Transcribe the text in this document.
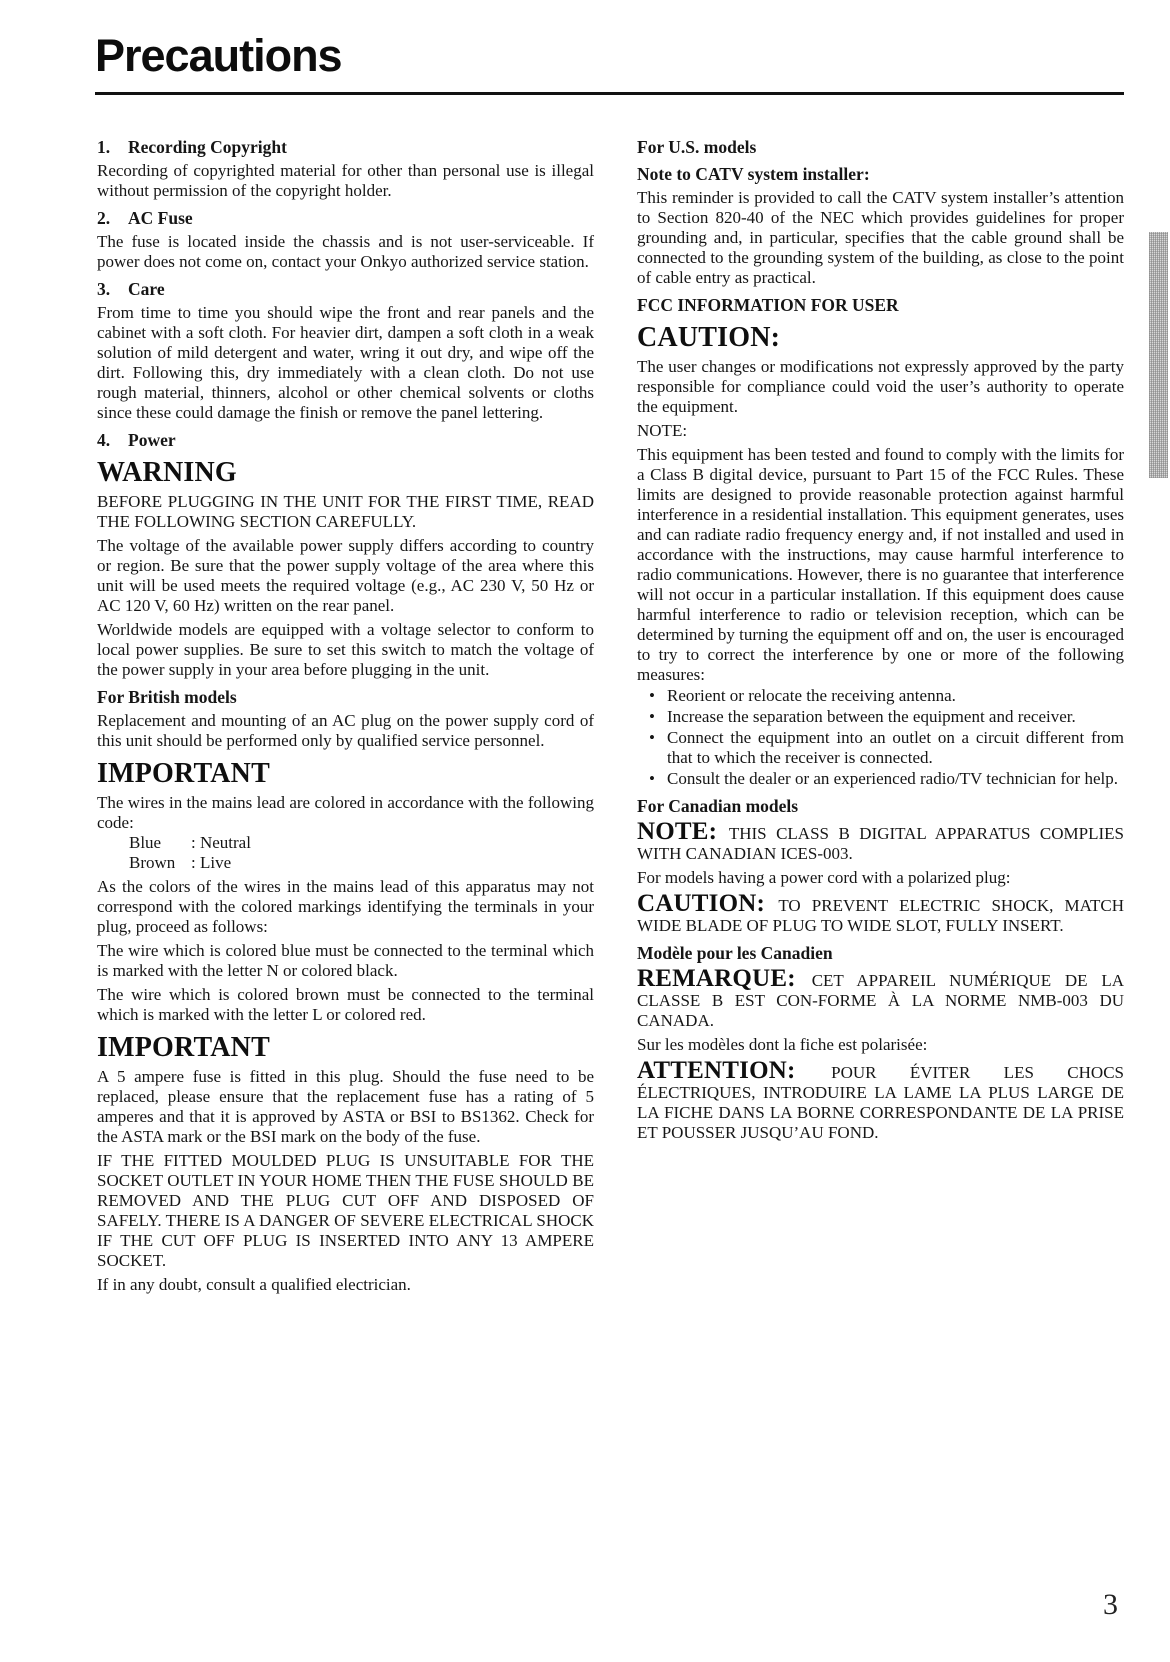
Precautions
1.	Recording Copyright
Recording of copyrighted material for other than personal use is illegal without permission of the copyright holder.
2.	AC Fuse
The fuse is located inside the chassis and is not user-serviceable. If power does not come on, contact your Onkyo authorized service station.
3.	Care
From time to time you should wipe the front and rear panels and the cabinet with a soft cloth. For heavier dirt, dampen a soft cloth in a weak solution of mild detergent and water, wring it out dry, and wipe off the dirt. Following this, dry immediately with a clean cloth. Do not use rough material, thinners, alcohol or other chemical solvents or cloths since these could damage the finish or remove the panel lettering.
4.	Power
WARNING
BEFORE PLUGGING IN THE UNIT FOR THE FIRST TIME, READ THE FOLLOWING SECTION CAREFULLY.
The voltage of the available power supply differs according to country or region. Be sure that the power supply voltage of the area where this unit will be used meets the required voltage (e.g., AC 230 V, 50 Hz or AC 120 V, 60 Hz) written on the rear panel.
Worldwide models are equipped with a voltage selector to conform to local power supplies. Be sure to set this switch to match the voltage of the power supply in your area before plugging in the unit.
For British models
Replacement and mounting of an AC plug on the power supply cord of this unit should be performed only by qualified service personnel.
IMPORTANT
The wires in the mains lead are colored in accordance with the following code:
Blue : Neutral
Brown : Live
As the colors of the wires in the mains lead of this apparatus may not correspond with the colored markings identifying the terminals in your plug, proceed as follows:
The wire which is colored blue must be connected to the terminal which is marked with the letter N or colored black.
The wire which is colored brown must be connected to the terminal which is marked with the letter L or colored red.
IMPORTANT
A 5 ampere fuse is fitted in this plug. Should the fuse need to be replaced, please ensure that the replacement fuse has a rating of 5 amperes and that it is approved by ASTA or BSI to BS1362. Check for the ASTA mark or the BSI mark on the body of the fuse.
IF THE FITTED MOULDED PLUG IS UNSUITABLE FOR THE SOCKET OUTLET IN YOUR HOME THEN THE FUSE SHOULD BE REMOVED AND THE PLUG CUT OFF AND DISPOSED OF SAFELY. THERE IS A DANGER OF SEVERE ELECTRICAL SHOCK IF THE CUT OFF PLUG IS INSERTED INTO ANY 13 AMPERE SOCKET.
If in any doubt, consult a qualified electrician.
For U.S. models
Note to CATV system installer:
This reminder is provided to call the CATV system installer’s attention to Section 820-40 of the NEC which provides guidelines for proper grounding and, in particular, specifies that the cable ground shall be connected to the grounding system of the building, as close to the point of cable entry as practical.
FCC INFORMATION FOR USER
CAUTION:
The user changes or modifications not expressly approved by the party responsible for compliance could void the user’s authority to operate the equipment.
NOTE:
This equipment has been tested and found to comply with the limits for a Class B digital device, pursuant to Part 15 of the FCC Rules. These limits are designed to provide reasonable protection against harmful interference in a residential installation. This equipment generates, uses and can radiate radio frequency energy and, if not installed and used in accordance with the instructions, may cause harmful interference to radio communications. However, there is no guarantee that interference will not occur in a particular installation. If this equipment does cause harmful interference to radio or television reception, which can be determined by turning the equipment off and on, the user is encouraged to try to correct the interference by one or more of the following measures:
• Reorient or relocate the receiving antenna.
• Increase the separation between the equipment and receiver.
• Connect the equipment into an outlet on a circuit different from that to which the receiver is connected.
• Consult the dealer or an experienced radio/TV technician for help.
For Canadian models
NOTE: THIS CLASS B DIGITAL APPARATUS COMPLIES WITH CANADIAN ICES-003.
For models having a power cord with a polarized plug:
CAUTION: TO PREVENT ELECTRIC SHOCK, MATCH WIDE BLADE OF PLUG TO WIDE SLOT, FULLY INSERT.
Modèle pour les Canadien
REMARQUE: CET APPAREIL NUMÉRIQUE DE LA CLASSE B EST CON-FORME À LA NORME NMB-003 DU CANADA.
Sur les modèles dont la fiche est polarisée:
ATTENTION: POUR ÉVITER LES CHOCS ÉLECTRIQUES, INTRODUIRE LA LAME LA PLUS LARGE DE LA FICHE DANS LA BORNE CORRESPONDANTE DE LA PRISE ET POUSSER JUSQU’AU FOND.
3
